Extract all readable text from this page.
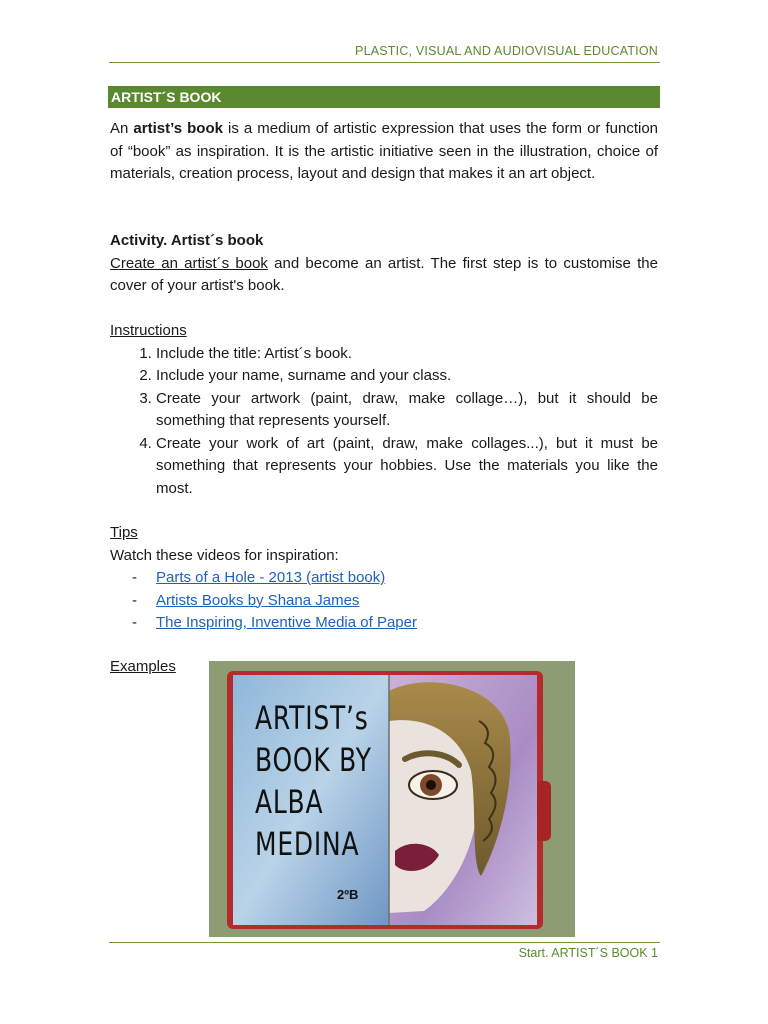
PLASTIC, VISUAL AND AUDIOVISUAL EDUCATION
ARTIST´S BOOK

An artist’s book is a medium of artistic expression that uses the form or function of “book” as inspiration. It is the artistic initiative seen in the illustration, choice of materials, creation process, layout and design that makes it an art object.

Activity. Artist´s book

Create an artist´s book and become an artist. The first step is to customise the cover of your artist's book.

Instructions

1. Include the title: Artist´s book.
2. Include your name, surname and your class.
3. Create your artwork (paint, draw, make collage…), but it should be something that represents yourself.
4. Create your work of art (paint, draw, make collages...), but it must be something that represents your hobbies. Use the materials you like the most.

Tips

Watch these videos for inspiration:

- Parts of a Hole - 2013 (artist book)
- Artists Books by Shana James
- The Inspiring, Inventive Media of Paper
Examples
ARTIST’s
BOOK BY
ALBA
MEDINA
2ºB
Start. ARTIST´S BOOK 1
